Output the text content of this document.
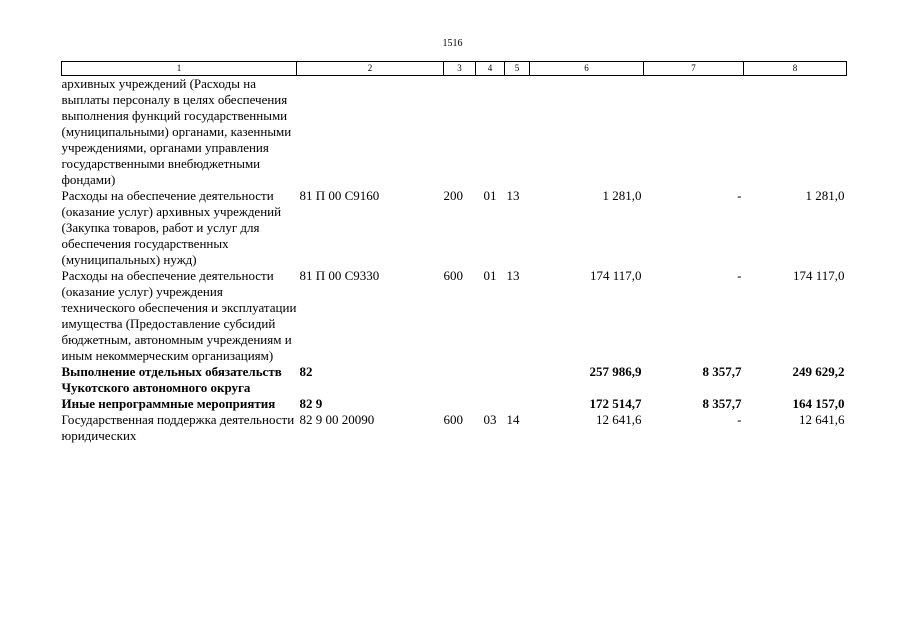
1516
1	2	3	4	5	6	7	8
архивных учреждений (Расходы на выплаты персоналу в целях обеспечения выполнения функций государственными (муниципальными) органами, казенными учреждениями, органами управления государственными внебюджетными фондами)							
Расходы на обеспечение деятельности (оказание услуг) архивных учреждений (Закупка товаров, работ и услуг для обеспечения государственных (муниципальных) нужд)	81 П 00 С9160	200	01	13	1 281,0	-	1 281,0
Расходы на обеспечение деятельности (оказание услуг) учреждения технического обеспечения и эксплуатации имущества (Предоставление субсидий бюджетным, автономным учреждениям и иным некоммерческим организациям)	81 П 00 С9330	600	01	13	174 117,0	-	174 117,0
Выполнение отдельных обязательств Чукотского автономного округа	82				257 986,9	8 357,7	249 629,2
Иные непрограммные мероприятия	82 9				172 514,7	8 357,7	164 157,0
Государственная поддержка деятельности юридических	82 9 00 20090	600	03	14	12 641,6	-	12 641,6
